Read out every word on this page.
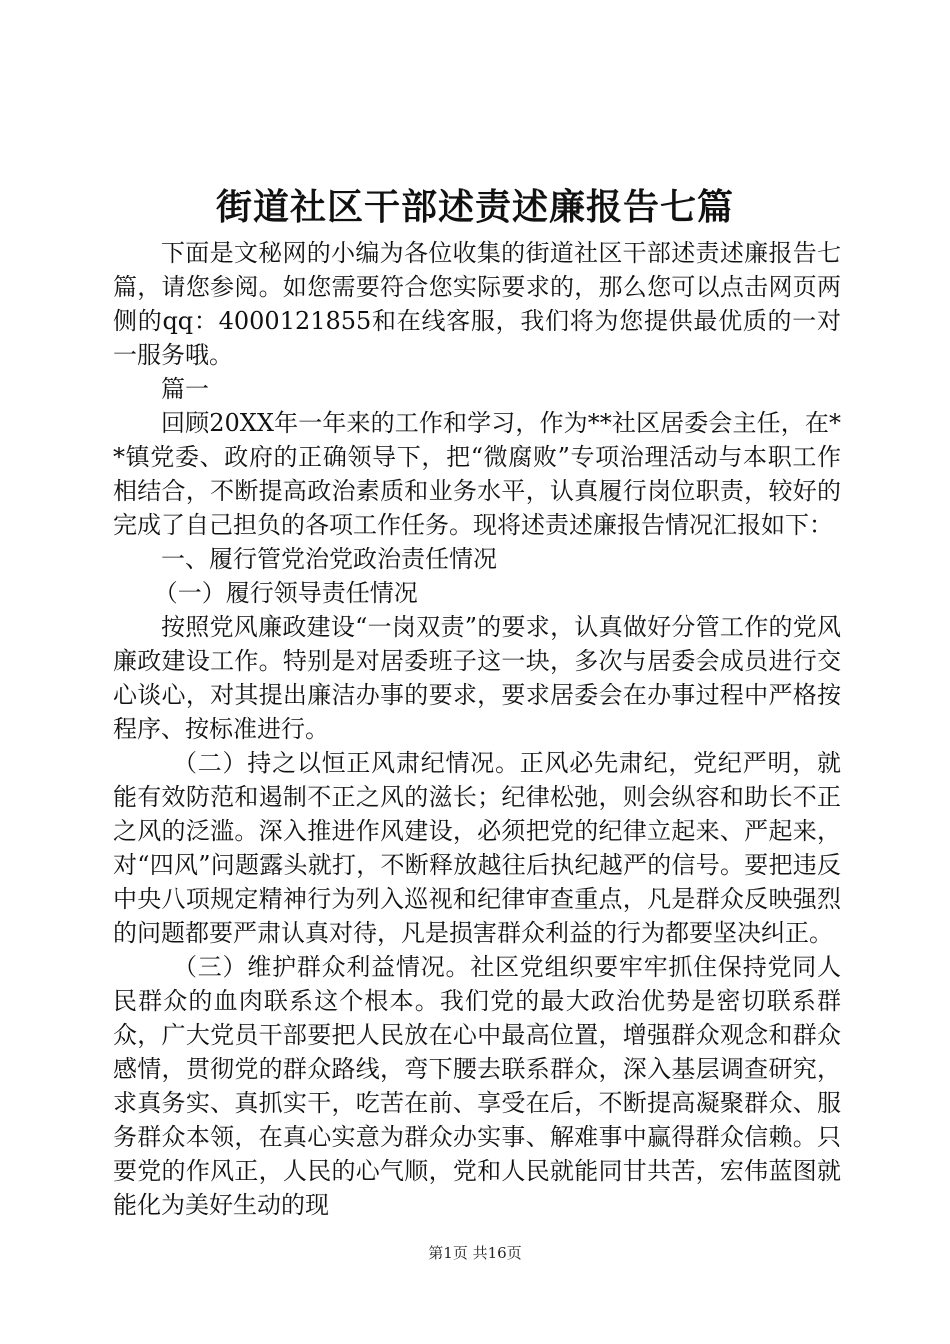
街道社区干部述责述廉报告七篇

下面是文秘网的小编为各位收集的街道社区干部述责述廉报告七篇，请您参阅。如您需要符合您实际要求的，那么您可以点击网页两侧的qq：4000121855和在线客服，我们将为您提供最优质的一对一服务哦。

篇一

回顾20XX年一年来的工作和学习，作为**社区居委会主任，在**镇党委、政府的正确领导下，把“微腐败”专项治理活动与本职工作相结合，不断提高政治素质和业务水平，认真履行岗位职责，较好的完成了自己担负的各项工作任务。现将述责述廉报告情况汇报如下：

一、履行管党治党政治责任情况

（一）履行领导责任情况

按照党风廉政建设“一岗双责”的要求，认真做好分管工作的党风廉政建设工作。特别是对居委班子这一块，多次与居委会成员进行交心谈心，对其提出廉洁办事的要求，要求居委会在办事过程中严格按程序、按标准进行。

（二）持之以恒正风肃纪情况。正风必先肃纪，党纪严明，就能有效防范和遏制不正之风的滋长；纪律松弛，则会纵容和助长不正之风的泛滥。深入推进作风建设，必须把党的纪律立起来、严起来，对“四风”问题露头就打，不断释放越往后执纪越严的信号。要把违反中央八项规定精神行为列入巡视和纪律审查重点，凡是群众反映强烈的问题都要严肃认真对待，凡是损害群众利益的行为都要坚决纠正。

（三）维护群众利益情况。社区党组织要牢牢抓住保持党同人民群众的血肉联系这个根本。我们党的最大政治优势是密切联系群众，广大党员干部要把人民放在心中最高位置，增强群众观念和群众感情，贯彻党的群众路线，弯下腰去联系群众，深入基层调查研究，求真务实、真抓实干，吃苦在前、享受在后，不断提高凝聚群众、服务群众本领，在真心实意为群众办实事、解难事中赢得群众信赖。只要党的作风正，人民的心气顺，党和人民就能同甘共苦，宏伟蓝图就能化为美好生动的现

第1页 共16页
